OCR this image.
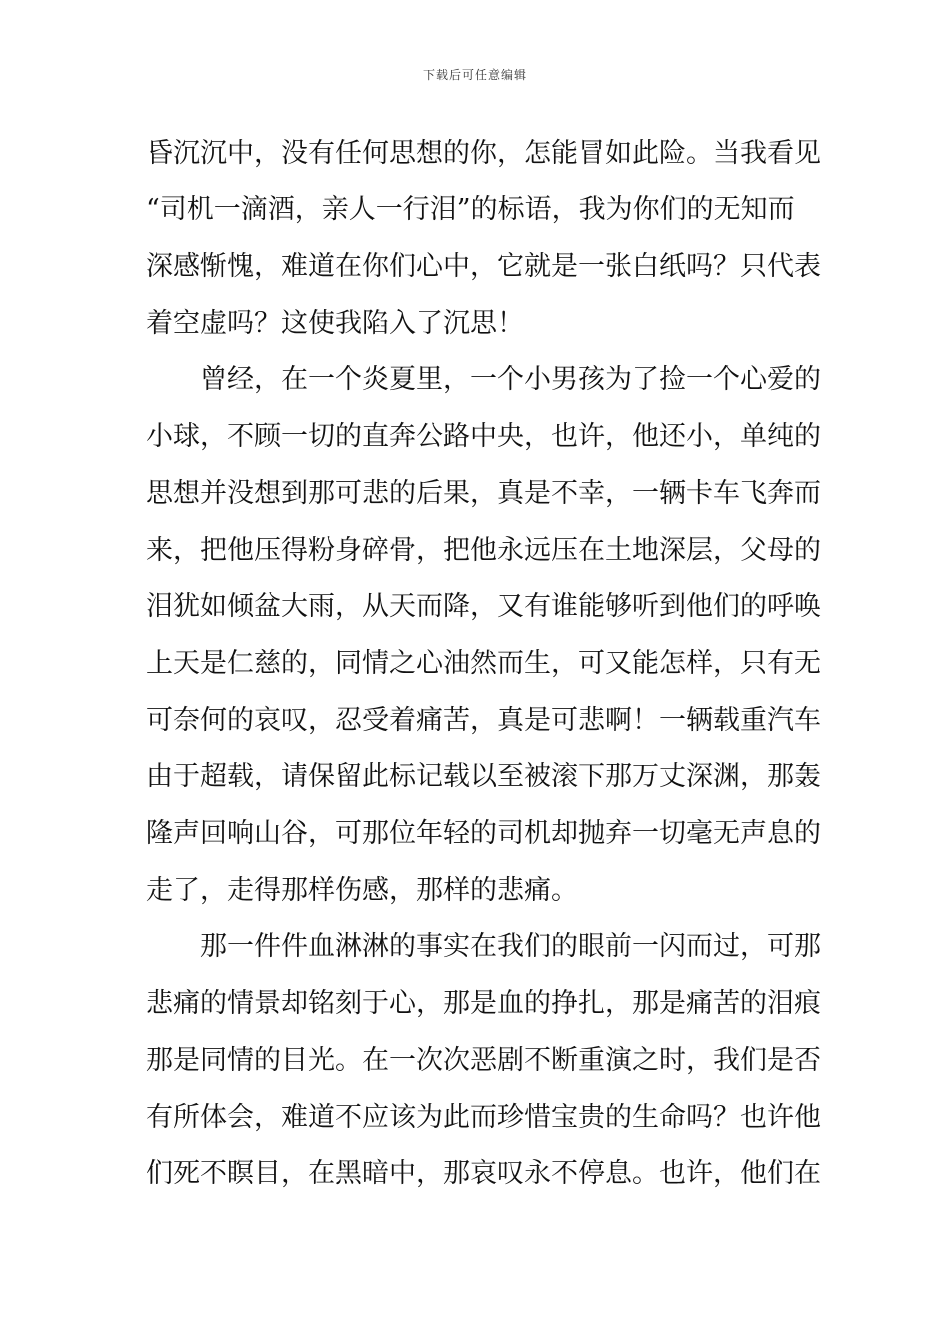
下载后可任意编辑
昏沉沉中，没有任何思想的你，怎能冒如此险。当我看见
“司机一滴酒，亲人一行泪”的标语，我为你们的无知而
深感惭愧，难道在你们心中，它就是一张白纸吗？只代表
着空虚吗？这使我陷入了沉思！
曾经，在一个炎夏里，一个小男孩为了捡一个心爱的
小球，不顾一切的直奔公路中央，也许，他还小，单纯的
思想并没想到那可悲的后果，真是不幸，一辆卡车飞奔而
来，把他压得粉身碎骨，把他永远压在土地深层，父母的
泪犹如倾盆大雨，从天而降，又有谁能够听到他们的呼唤
上天是仁慈的，同情之心油然而生，可又能怎样，只有无
可奈何的哀叹，忍受着痛苦，真是可悲啊！一辆载重汽车
由于超载，请保留此标记载以至被滚下那万丈深渊，那轰
隆声回响山谷，可那位年轻的司机却抛弃一切毫无声息的
走了，走得那样伤感，那样的悲痛。
那一件件血淋淋的事实在我们的眼前一闪而过，可那
悲痛的情景却铭刻于心，那是血的挣扎，那是痛苦的泪痕
那是同情的目光。在一次次恶剧不断重演之时，我们是否
有所体会，难道不应该为此而珍惜宝贵的生命吗？也许他
们死不瞑目，在黑暗中，那哀叹永不停息。也许，他们在
